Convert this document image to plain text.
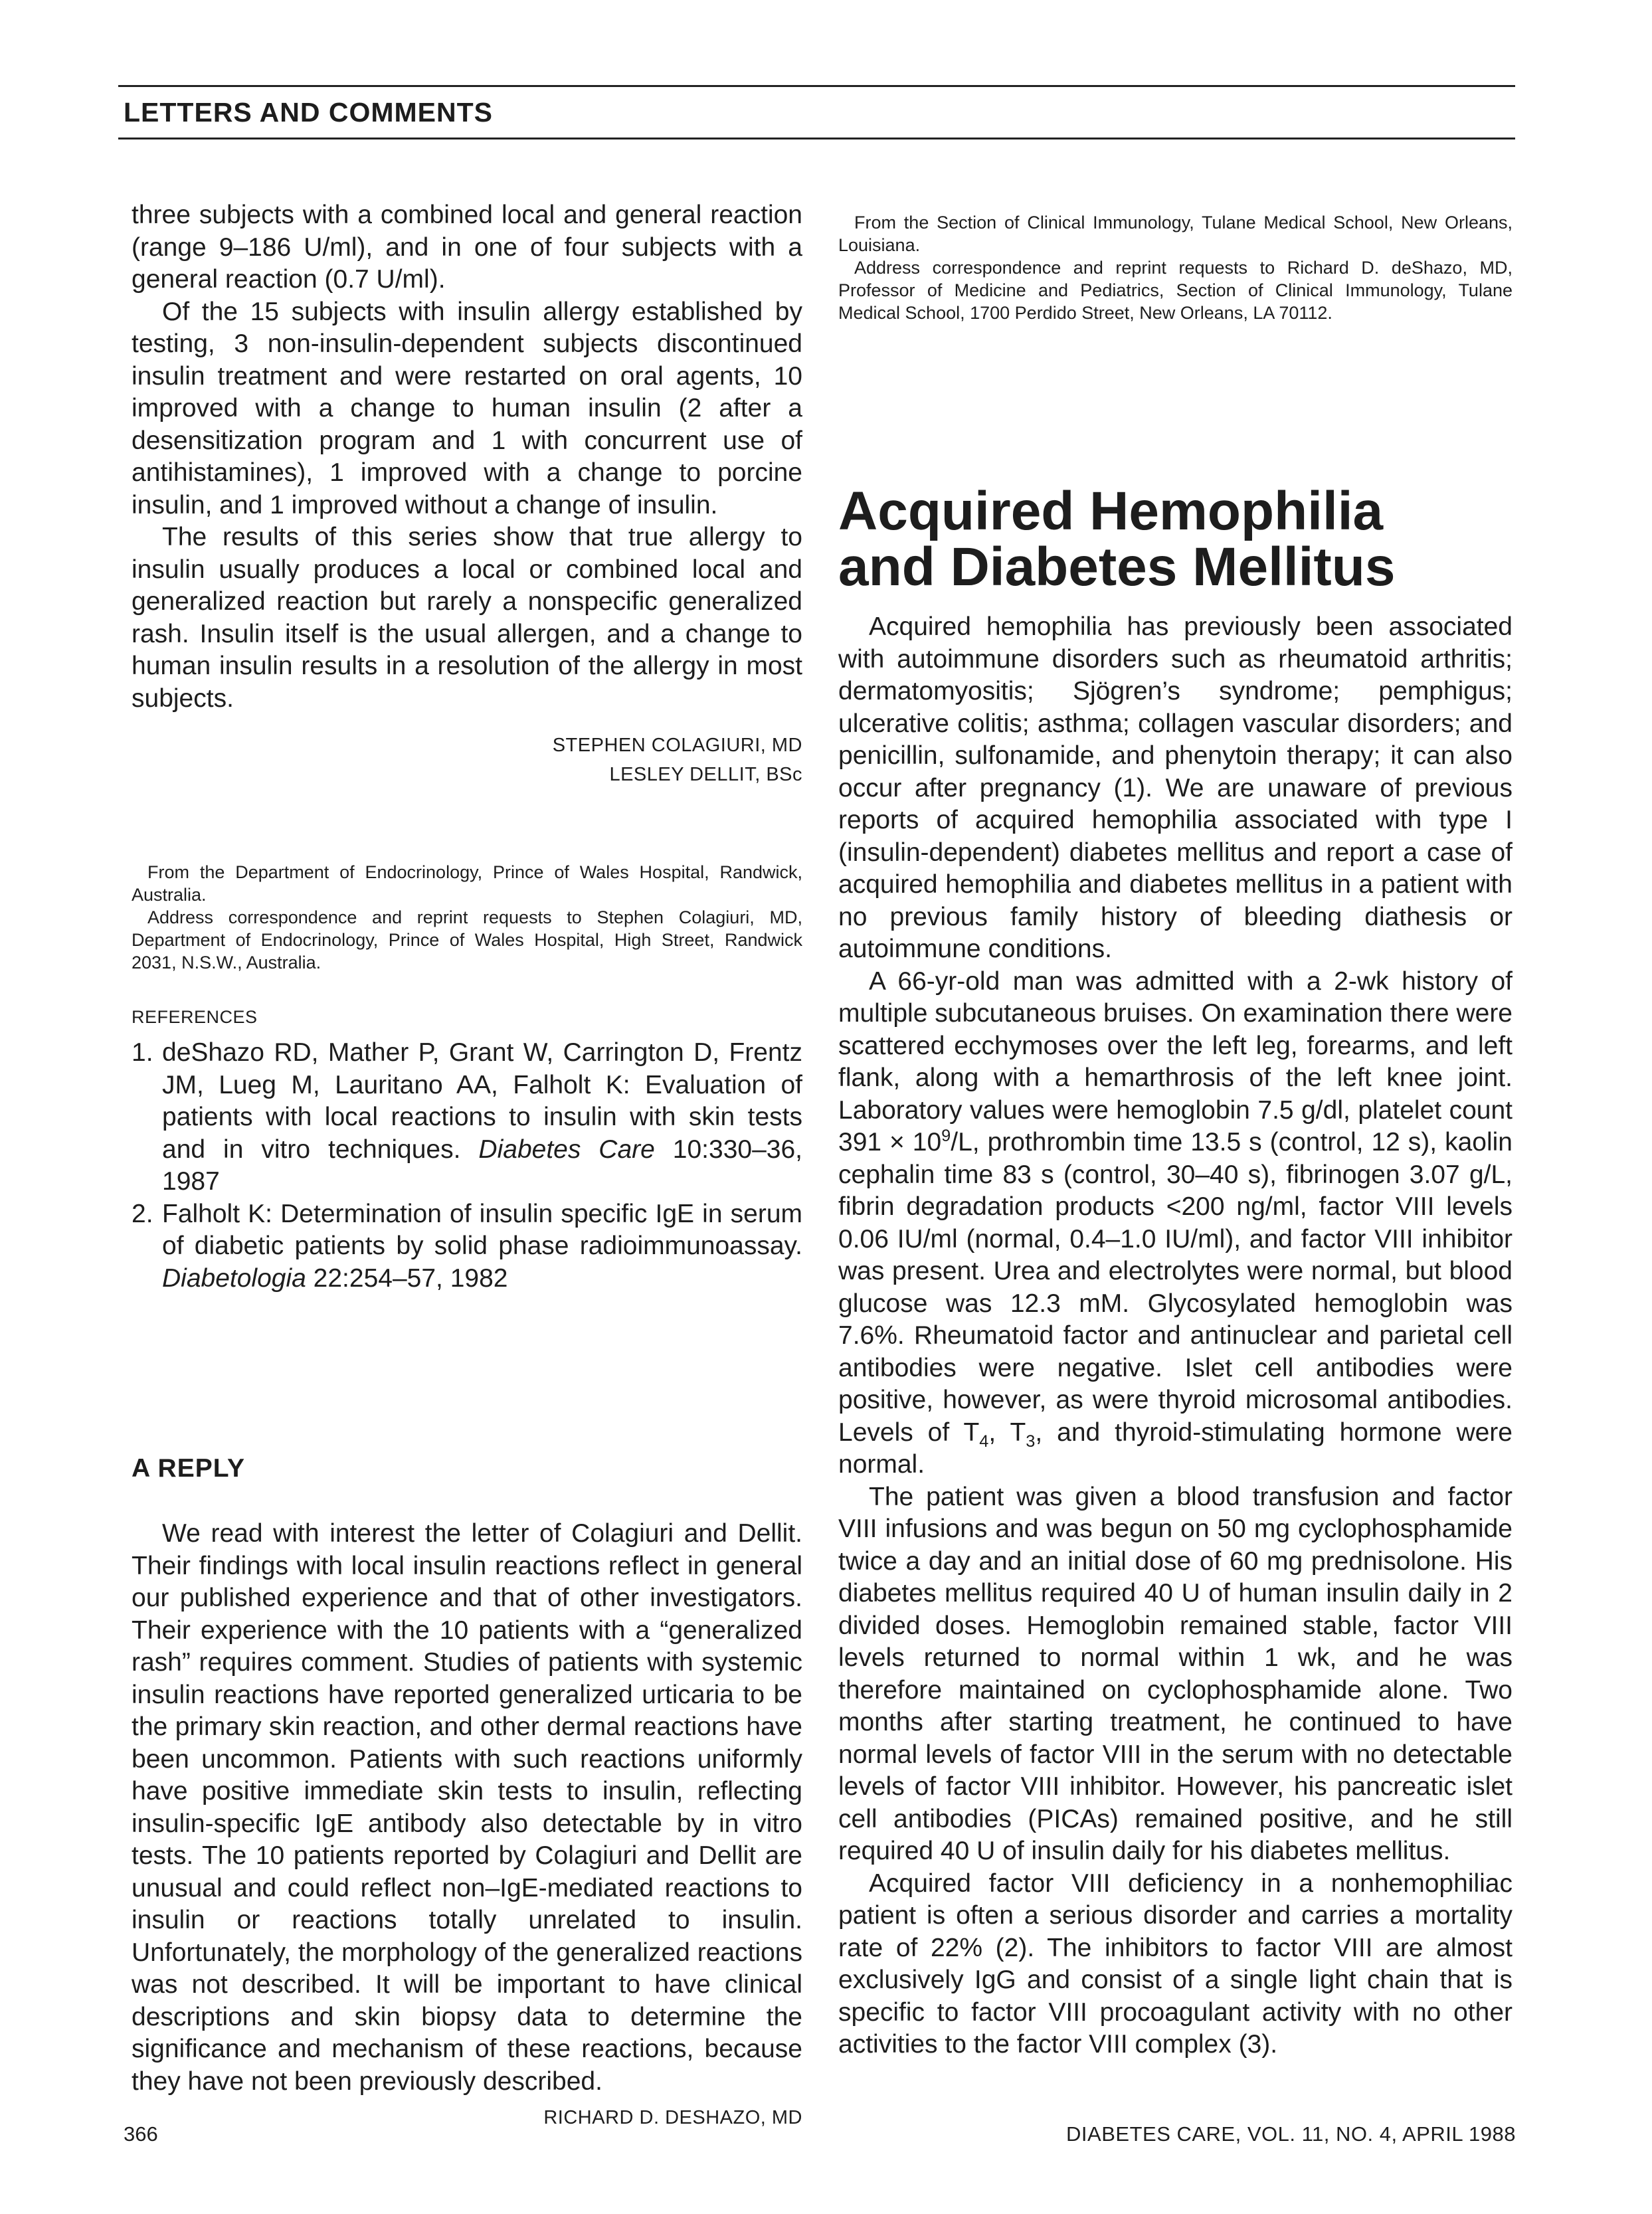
LETTERS AND COMMENTS

three subjects with a combined local and general reaction (range 9–186 U/ml), and in one of four subjects with a general reaction (0.7 U/ml).

Of the 15 subjects with insulin allergy established by testing, 3 non-insulin-dependent subjects discontinued insulin treatment and were restarted on oral agents, 10 improved with a change to human insulin (2 after a desensitization program and 1 with concurrent use of antihistamines), 1 improved with a change to porcine insulin, and 1 improved without a change of insulin.

The results of this series show that true allergy to insulin usually produces a local or combined local and generalized reaction but rarely a nonspecific generalized rash. Insulin itself is the usual allergen, and a change to human insulin results in a resolution of the allergy in most subjects.

STEPHEN COLAGIURI, MD

LESLEY DELLIT, BSc

From the Department of Endocrinology, Prince of Wales Hospital, Randwick, Australia.

Address correspondence and reprint requests to Stephen Colagiuri, MD, Department of Endocrinology, Prince of Wales Hospital, High Street, Randwick 2031, N.S.W., Australia.

REFERENCES

1. deShazo RD, Mather P, Grant W, Carrington D, Frentz JM, Lueg M, Lauritano AA, Falholt K: Evaluation of patients with local reactions to insulin with skin tests and in vitro techniques. Diabetes Care 10:330–36, 1987
2. Falholt K: Determination of insulin specific IgE in serum of diabetic patients by solid phase radioimmunoassay. Diabetologia 22:254–57, 1982

A REPLY

We read with interest the letter of Colagiuri and Dellit. Their findings with local insulin reactions reflect in general our published experience and that of other investigators. Their experience with the 10 patients with a “generalized rash” requires comment. Studies of patients with systemic insulin reactions have reported generalized urticaria to be the primary skin reaction, and other dermal reactions have been uncommon. Patients with such reactions uniformly have positive immediate skin tests to insulin, reflecting insulin-specific IgE antibody also detectable by in vitro tests. The 10 patients reported by Colagiuri and Dellit are unusual and could reflect non–IgE-mediated reactions to insulin or reactions totally unrelated to insulin. Unfortunately, the morphology of the generalized reactions was not described. It will be important to have clinical descriptions and skin biopsy data to determine the significance and mechanism of these reactions, because they have not been previously described.

RICHARD D. DESHAZO, MD

From the Section of Clinical Immunology, Tulane Medical School, New Orleans, Louisiana.

Address correspondence and reprint requests to Richard D. deShazo, MD, Professor of Medicine and Pediatrics, Section of Clinical Immunology, Tulane Medical School, 1700 Perdido Street, New Orleans, LA 70112.

Acquired Hemophilia
and Diabetes Mellitus

Acquired hemophilia has previously been associated with autoimmune disorders such as rheumatoid arthritis; dermatomyositis; Sjögren’s syndrome; pemphigus; ulcerative colitis; asthma; collagen vascular disorders; and penicillin, sulfonamide, and phenytoin therapy; it can also occur after pregnancy (1). We are unaware of previous reports of acquired hemophilia associated with type I (insulin-dependent) diabetes mellitus and report a case of acquired hemophilia and diabetes mellitus in a patient with no previous family history of bleeding diathesis or autoimmune conditions.

A 66-yr-old man was admitted with a 2-wk history of multiple subcutaneous bruises. On examination there were scattered ecchymoses over the left leg, forearms, and left flank, along with a hemarthrosis of the left knee joint. Laboratory values were hemoglobin 7.5 g/dl, platelet count $391 \times 10^9/L$, prothrombin time 13.5 s (control, 12 s), kaolin cephalin time 83 s (control, 30–40 s), fibrinogen 3.07 g/L, fibrin degradation products <200 ng/ml, factor VIII levels 0.06 IU/ml (normal, 0.4–1.0 IU/ml), and factor VIII inhibitor was present. Urea and electrolytes were normal, but blood glucose was 12.3 mM. Glycosylated hemoglobin was 7.6%. Rheumatoid factor and antinuclear and parietal cell antibodies were negative. Islet cell antibodies were positive, however, as were thyroid microsomal antibodies. Levels of $T_4$, $T_3$, and thyroid-stimulating hormone were normal.

The patient was given a blood transfusion and factor VIII infusions and was begun on 50 mg cyclophosphamide twice a day and an initial dose of 60 mg prednisolone. His diabetes mellitus required 40 U of human insulin daily in 2 divided doses. Hemoglobin remained stable, factor VIII levels returned to normal within 1 wk, and he was therefore maintained on cyclophosphamide alone. Two months after starting treatment, he continued to have normal levels of factor VIII in the serum with no detectable levels of factor VIII inhibitor. However, his pancreatic islet cell antibodies (PICAs) remained positive, and he still required 40 U of insulin daily for his diabetes mellitus.

Acquired factor VIII deficiency in a nonhemophiliac patient is often a serious disorder and carries a mortality rate of 22% (2). The inhibitors to factor VIII are almost exclusively IgG and consist of a single light chain that is specific to factor VIII procoagulant activity with no other activities to the factor VIII complex (3).

366	DIABETES CARE, VOL. 11, NO. 4, APRIL 1988
